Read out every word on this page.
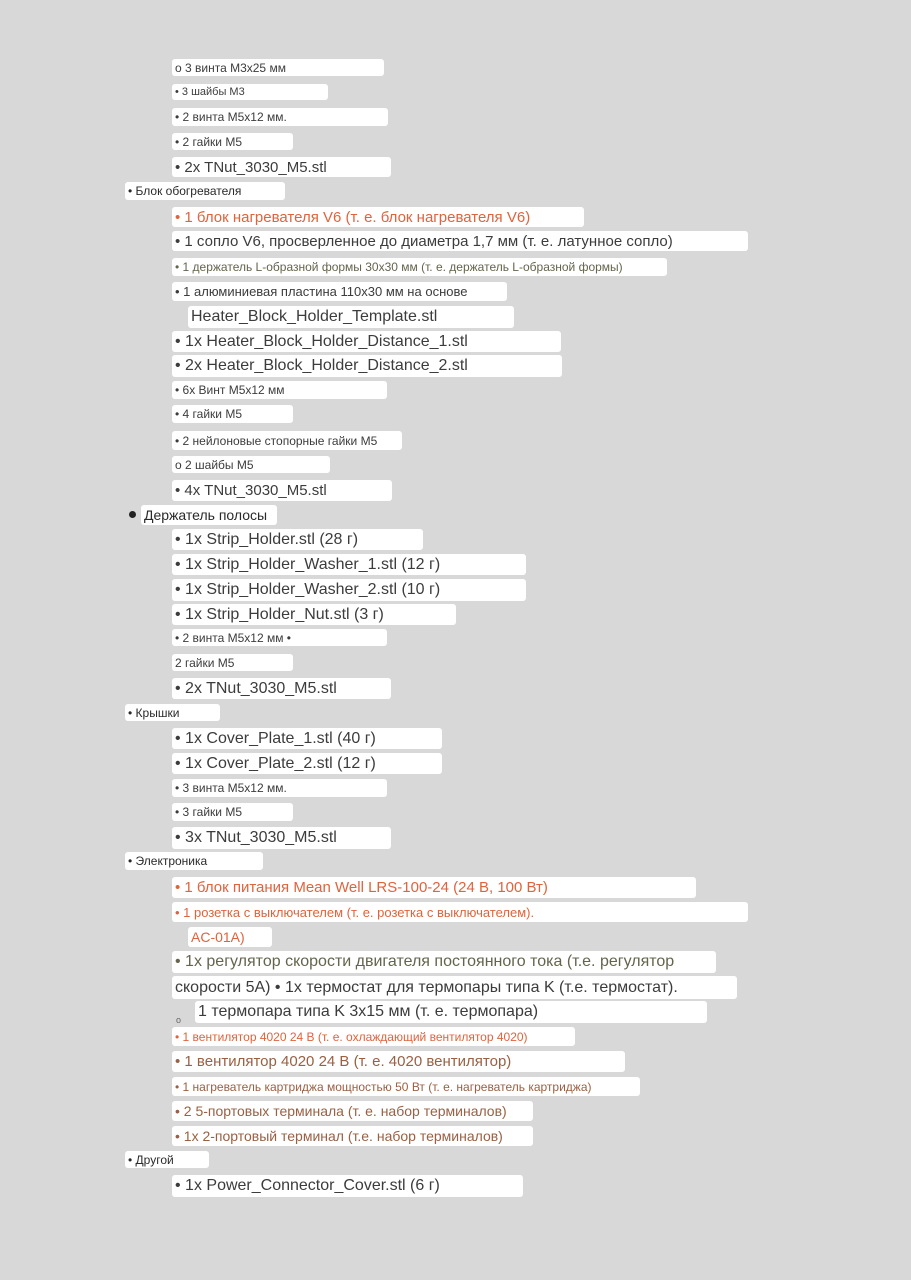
o
o 3 винта M3x25 мм
• 3 шайбы M3
• 2 винта M5x12 мм.
• 2 гайки M5
• 2x TNut_3030_M5.stl
• Блок обогревателя
• 1 блок нагревателя V6 (т. е. блок нагревателя V6)
• 1 сопло V6, просверленное до диаметра 1,7 мм (т. е. латунное сопло)
• 1 держатель L-образной формы 30x30 мм (т. е. держатель L-образной формы)
• 1 алюминиевая пластина 110x30 мм на основе
Heater_Block_Holder_Template.stl
• 1x Heater_Block_Holder_Distance_1.stl
• 2x Heater_Block_Holder_Distance_2.stl
• 6x Винт M5x12 мм
• 4 гайки M5
• 2 нейлоновые стопорные гайки M5
o 2 шайбы M5
• 4x TNut_3030_M5.stl
Держатель полосы
• 1x Strip_Holder.stl (28 г)
• 1x Strip_Holder_Washer_1.stl (12 г)
• 1x Strip_Holder_Washer_2.stl (10 г)
• 1x Strip_Holder_Nut.stl (3 г)
• 2 винта M5x12 мм •
2 гайки M5
• 2x TNut_3030_M5.stl
• Крышки
• 1x Cover_Plate_1.stl (40 г)
• 1x Cover_Plate_2.stl (12 г)
• 3 винта M5x12 мм.
• 3 гайки M5
• 3x TNut_3030_M5.stl
• Электроника
• 1 блок питания Mean Well LRS-100-24 (24 В, 100 Вт)
• 1 розетка с выключателем (т. е. розетка с выключателем).
AC-01A)
• 1x регулятор скорости двигателя постоянного тока (т.е. регулятор
скорости 5А) • 1x термостат для термопары типа K (т.е. термостат).
1 термопара типа K 3x15 мм (т. е. термопара)
• 1 вентилятор 4020 24 В (т. е. охлаждающий вентилятор 4020)
• 1 вентилятор 4020 24 В (т. е. 4020 вентилятор)
• 1 нагреватель картриджа мощностью 50 Вт (т. е. нагреватель картриджа)
• 2 5-портовых терминала (т. е. набор терминалов)
• 1x 2-портовый терминал (т.е. набор терминалов)
• Другой
• 1x Power_Connector_Cover.stl (6 г)
